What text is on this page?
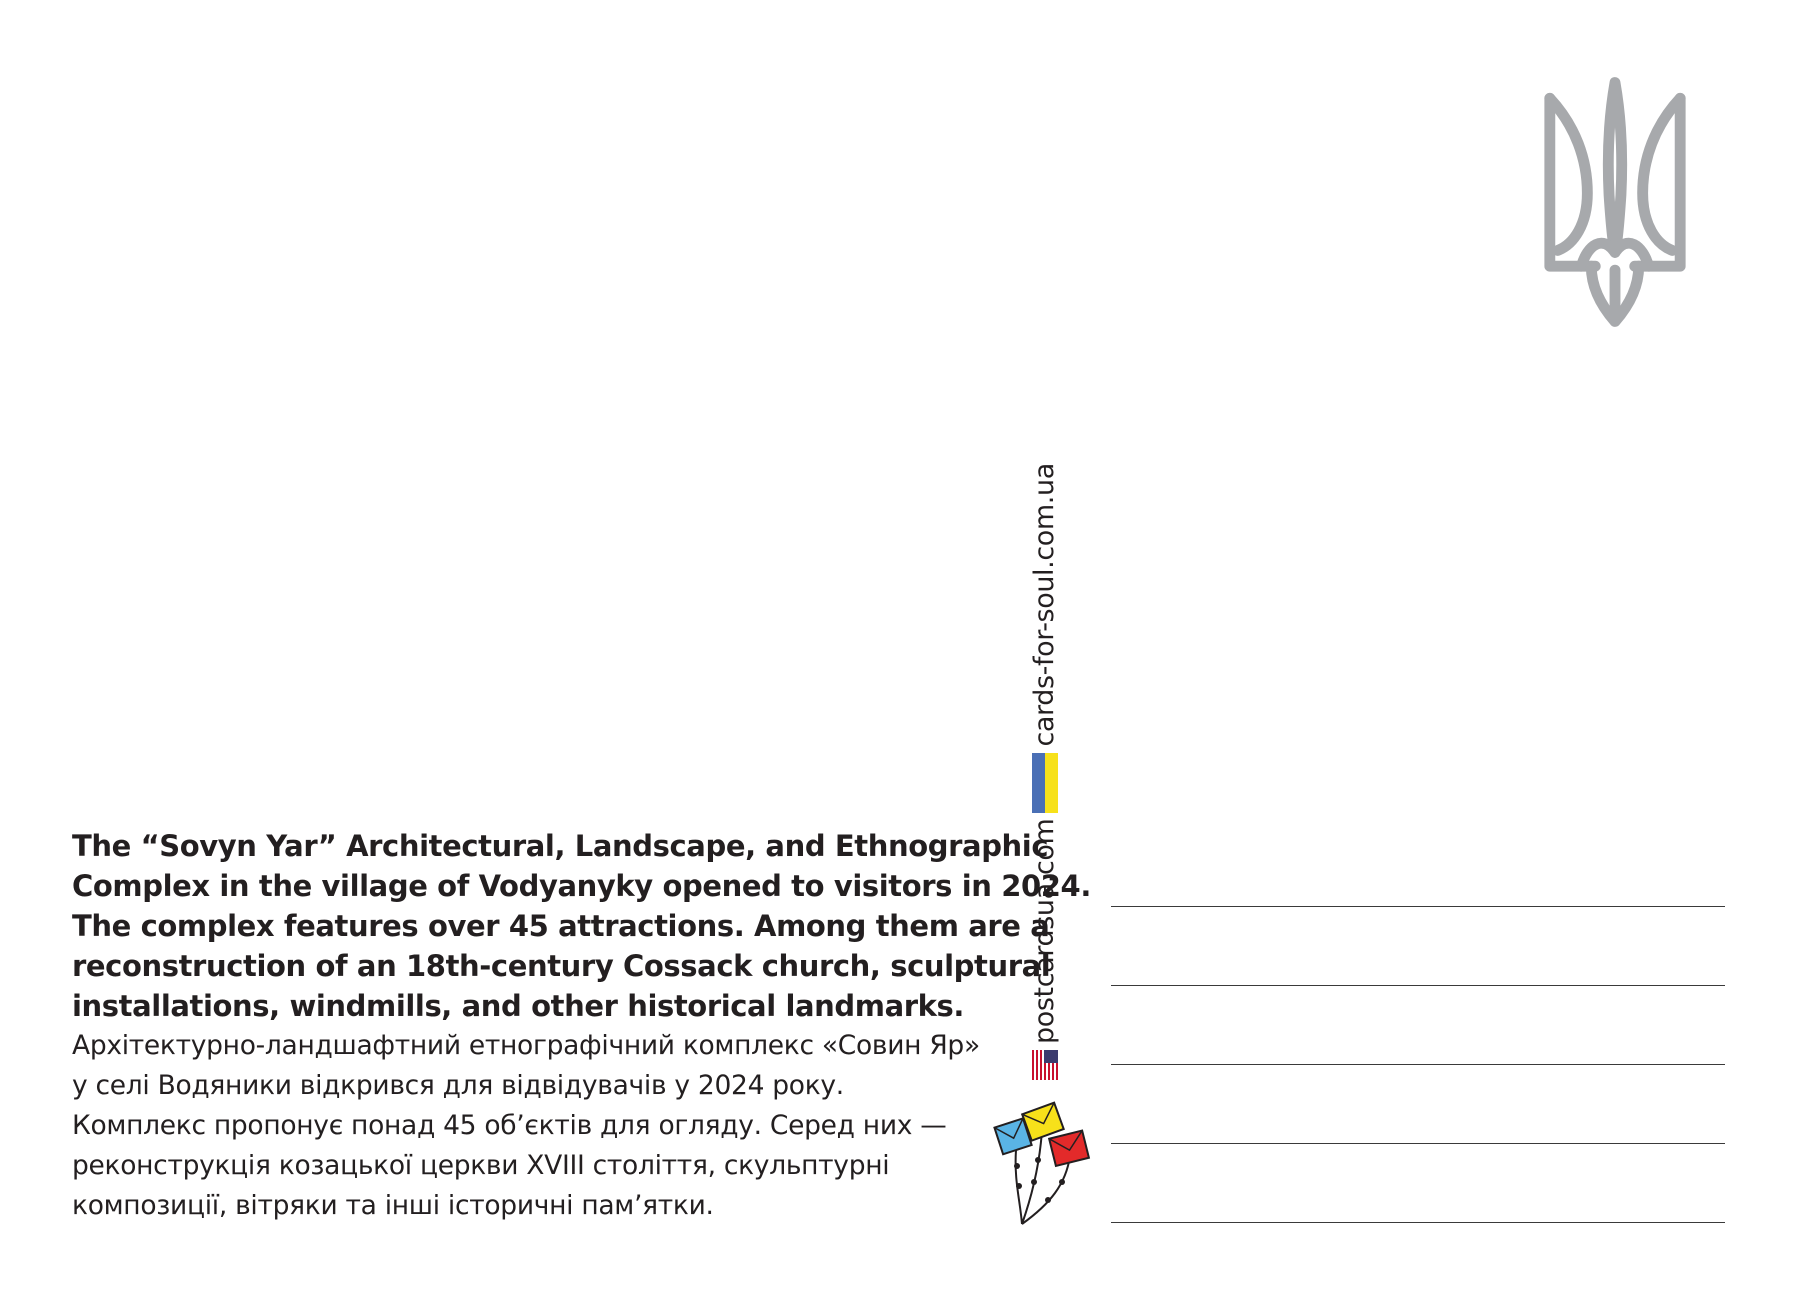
The “Sovyn Yar” Architectural, Landscape, and Ethnographic
Complex in the village of Vodyanyky opened to visitors in 2024.
The complex features over 45 attractions. Among them are a
reconstruction of an 18th-century Cossack church, sculptural
installations, windmills, and other historical landmarks.
Архітектурно-ландшафтний етнографічний комплекс «Совин Яр»
у селі Водяники відкрився для відвідувачів у 2024 року.
Комплекс пропонує понад 45 об’єктів для огляду. Серед них —
реконструкція козацької церкви XVIII століття, скульптурні
композиції, вітряки та інші історичні пам’ятки.
postcardsua.com
cards-for-soul.com.ua
